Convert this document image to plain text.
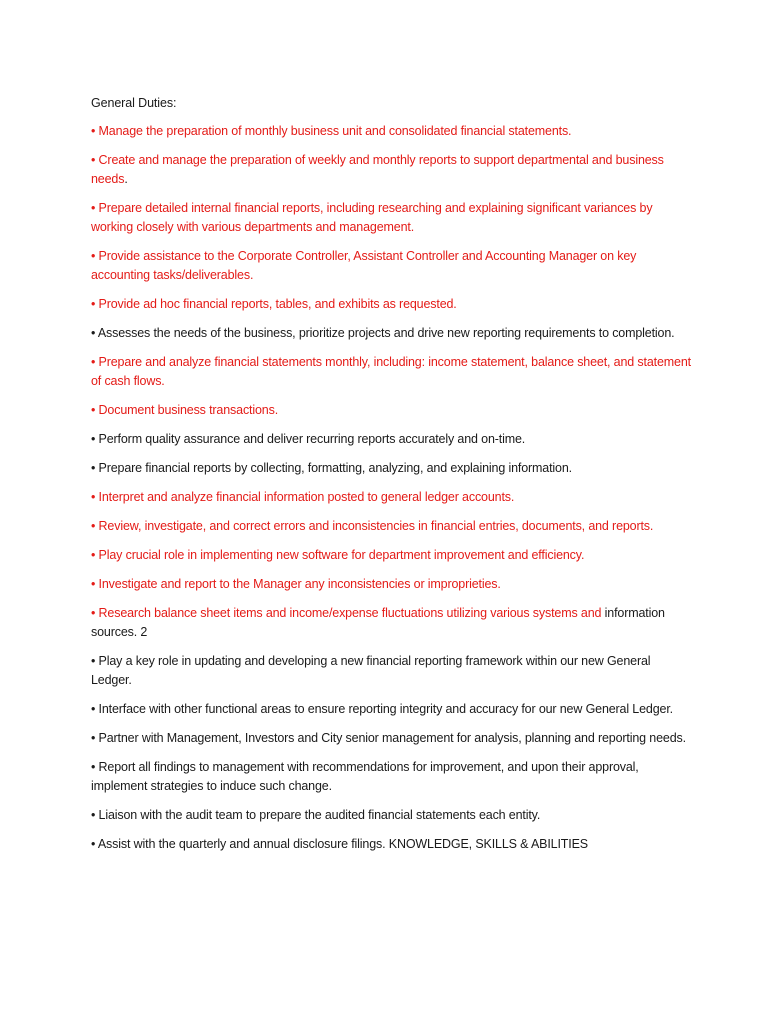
General Duties:
• Manage the preparation of monthly business unit and consolidated financial statements.
• Create and manage the preparation of weekly and monthly reports to support departmental and business needs.
• Prepare detailed internal financial reports, including researching and explaining significant variances by working closely with various departments and management.
• Provide assistance to the Corporate Controller, Assistant Controller and Accounting Manager on key accounting tasks/deliverables.
• Provide ad hoc financial reports, tables, and exhibits as requested.
• Assesses the needs of the business, prioritize projects and drive new reporting requirements to completion.
• Prepare and analyze financial statements monthly, including: income statement, balance sheet, and statement of cash flows.
• Document business transactions.
• Perform quality assurance and deliver recurring reports accurately and on-time.
• Prepare financial reports by collecting, formatting, analyzing, and explaining information.
• Interpret and analyze financial information posted to general ledger accounts.
• Review, investigate, and correct errors and inconsistencies in financial entries, documents, and reports.
• Play crucial role in implementing new software for department improvement and efficiency.
• Investigate and report to the Manager any inconsistencies or improprieties.
• Research balance sheet items and income/expense fluctuations utilizing various systems and information sources. 2
• Play a key role in updating and developing a new financial reporting framework within our new General Ledger.
• Interface with other functional areas to ensure reporting integrity and accuracy for our new General Ledger.
• Partner with Management, Investors and City senior management for analysis, planning and reporting needs.
• Report all findings to management with recommendations for improvement, and upon their approval, implement strategies to induce such change.
• Liaison with the audit team to prepare the audited financial statements each entity.
• Assist with the quarterly and annual disclosure filings. KNOWLEDGE, SKILLS & ABILITIES
